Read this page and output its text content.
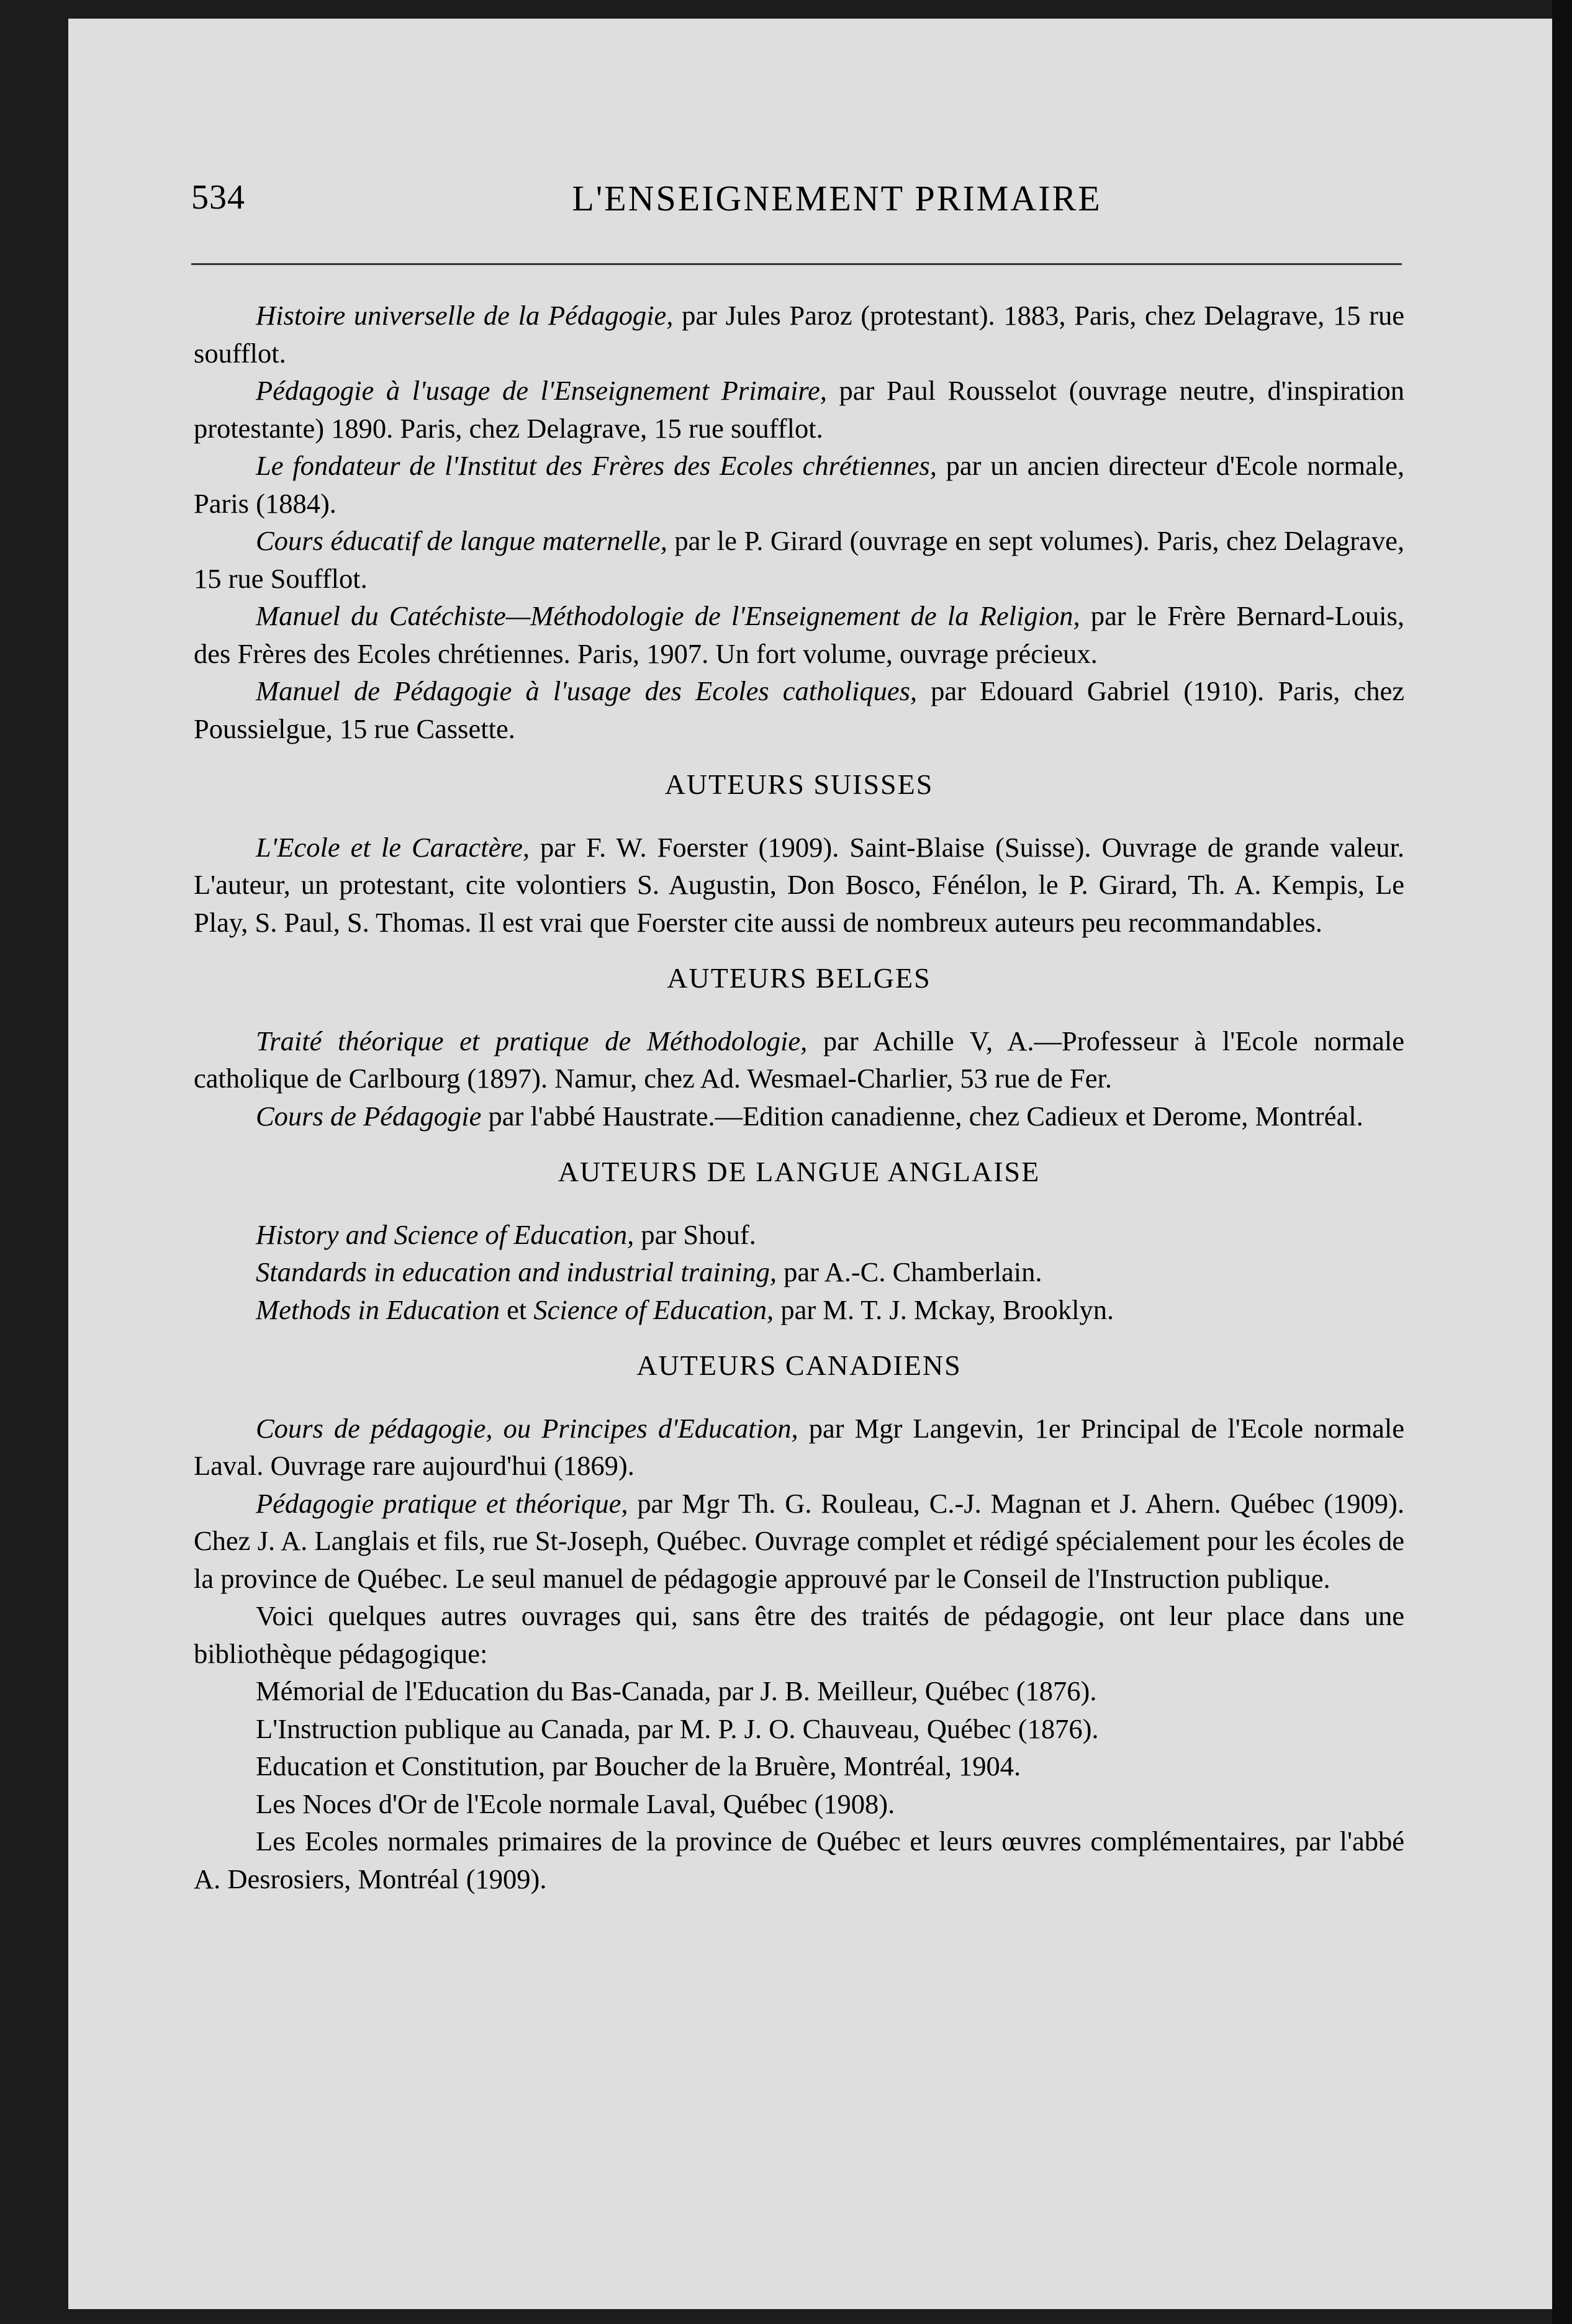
534	L'ENSEIGNEMENT PRIMAIRE

Histoire universelle de la Pédagogie, par Jules Paroz (protestant). 1883, Paris, chez Delagrave, 15 rue soufflot.

Pédagogie à l'usage de l'Enseignement Primaire, par Paul Rousselot (ouvrage neutre, d'inspiration protestante) 1890. Paris, chez Delagrave, 15 rue soufflot.

Le fondateur de l'Institut des Frères des Ecoles chrétiennes, par un ancien directeur d'Ecole normale, Paris (1884).

Cours éducatif de langue maternelle, par le P. Girard (ouvrage en sept volumes). Paris, chez Delagrave, 15 rue Soufflot.

Manuel du Catéchiste—Méthodologie de l'Enseignement de la Religion, par le Frère Bernard-Louis, des Frères des Ecoles chrétiennes. Paris, 1907. Un fort volume, ouvrage précieux.

Manuel de Pédagogie à l'usage des Ecoles catholiques, par Edouard Gabriel (1910). Paris, chez Poussielgue, 15 rue Cassette.

AUTEURS SUISSES

L'Ecole et le Caractère, par F. W. Foerster (1909). Saint-Blaise (Suisse). Ouvrage de grande valeur. L'auteur, un protestant, cite volontiers S. Augustin, Don Bosco, Fénélon, le P. Girard, Th. A. Kempis, Le Play, S. Paul, S. Thomas. Il est vrai que Foerster cite aussi de nombreux auteurs peu recommandables.

AUTEURS BELGES

Traité théorique et pratique de Méthodologie, par Achille V, A.—Professeur à l'Ecole normale catholique de Carlbourg (1897). Namur, chez Ad. Wesmael-Charlier, 53 rue de Fer.

Cours de Pédagogie par l'abbé Haustrate.—Edition canadienne, chez Cadieux et Derome, Montréal.

AUTEURS DE LANGUE ANGLAISE

History and Science of Education, par Shouf.

Standards in education and industrial training, par A.-C. Chamberlain.

Methods in Education et Science of Education, par M. T. J. Mckay, Brooklyn.

AUTEURS CANADIENS

Cours de pédagogie, ou Principes d'Education, par Mgr Langevin, 1er Principal de l'Ecole normale Laval. Ouvrage rare aujourd'hui (1869).

Pédagogie pratique et théorique, par Mgr Th. G. Rouleau, C.-J. Magnan et J. Ahern. Québec (1909). Chez J. A. Langlais et fils, rue St-Joseph, Québec. Ouvrage complet et rédigé spécialement pour les écoles de la province de Québec. Le seul manuel de pédagogie approuvé par le Conseil de l'Instruction publique.

Voici quelques autres ouvrages qui, sans être des traités de pédagogie, ont leur place dans une bibliothèque pédagogique:

Mémorial de l'Education du Bas-Canada, par J. B. Meilleur, Québec (1876).

L'Instruction publique au Canada, par M. P. J. O. Chauveau, Québec (1876).

Education et Constitution, par Boucher de la Bruère, Montréal, 1904.

Les Noces d'Or de l'Ecole normale Laval, Québec (1908).

Les Ecoles normales primaires de la province de Québec et leurs œuvres complémentaires, par l'abbé A. Desrosiers, Montréal (1909).
